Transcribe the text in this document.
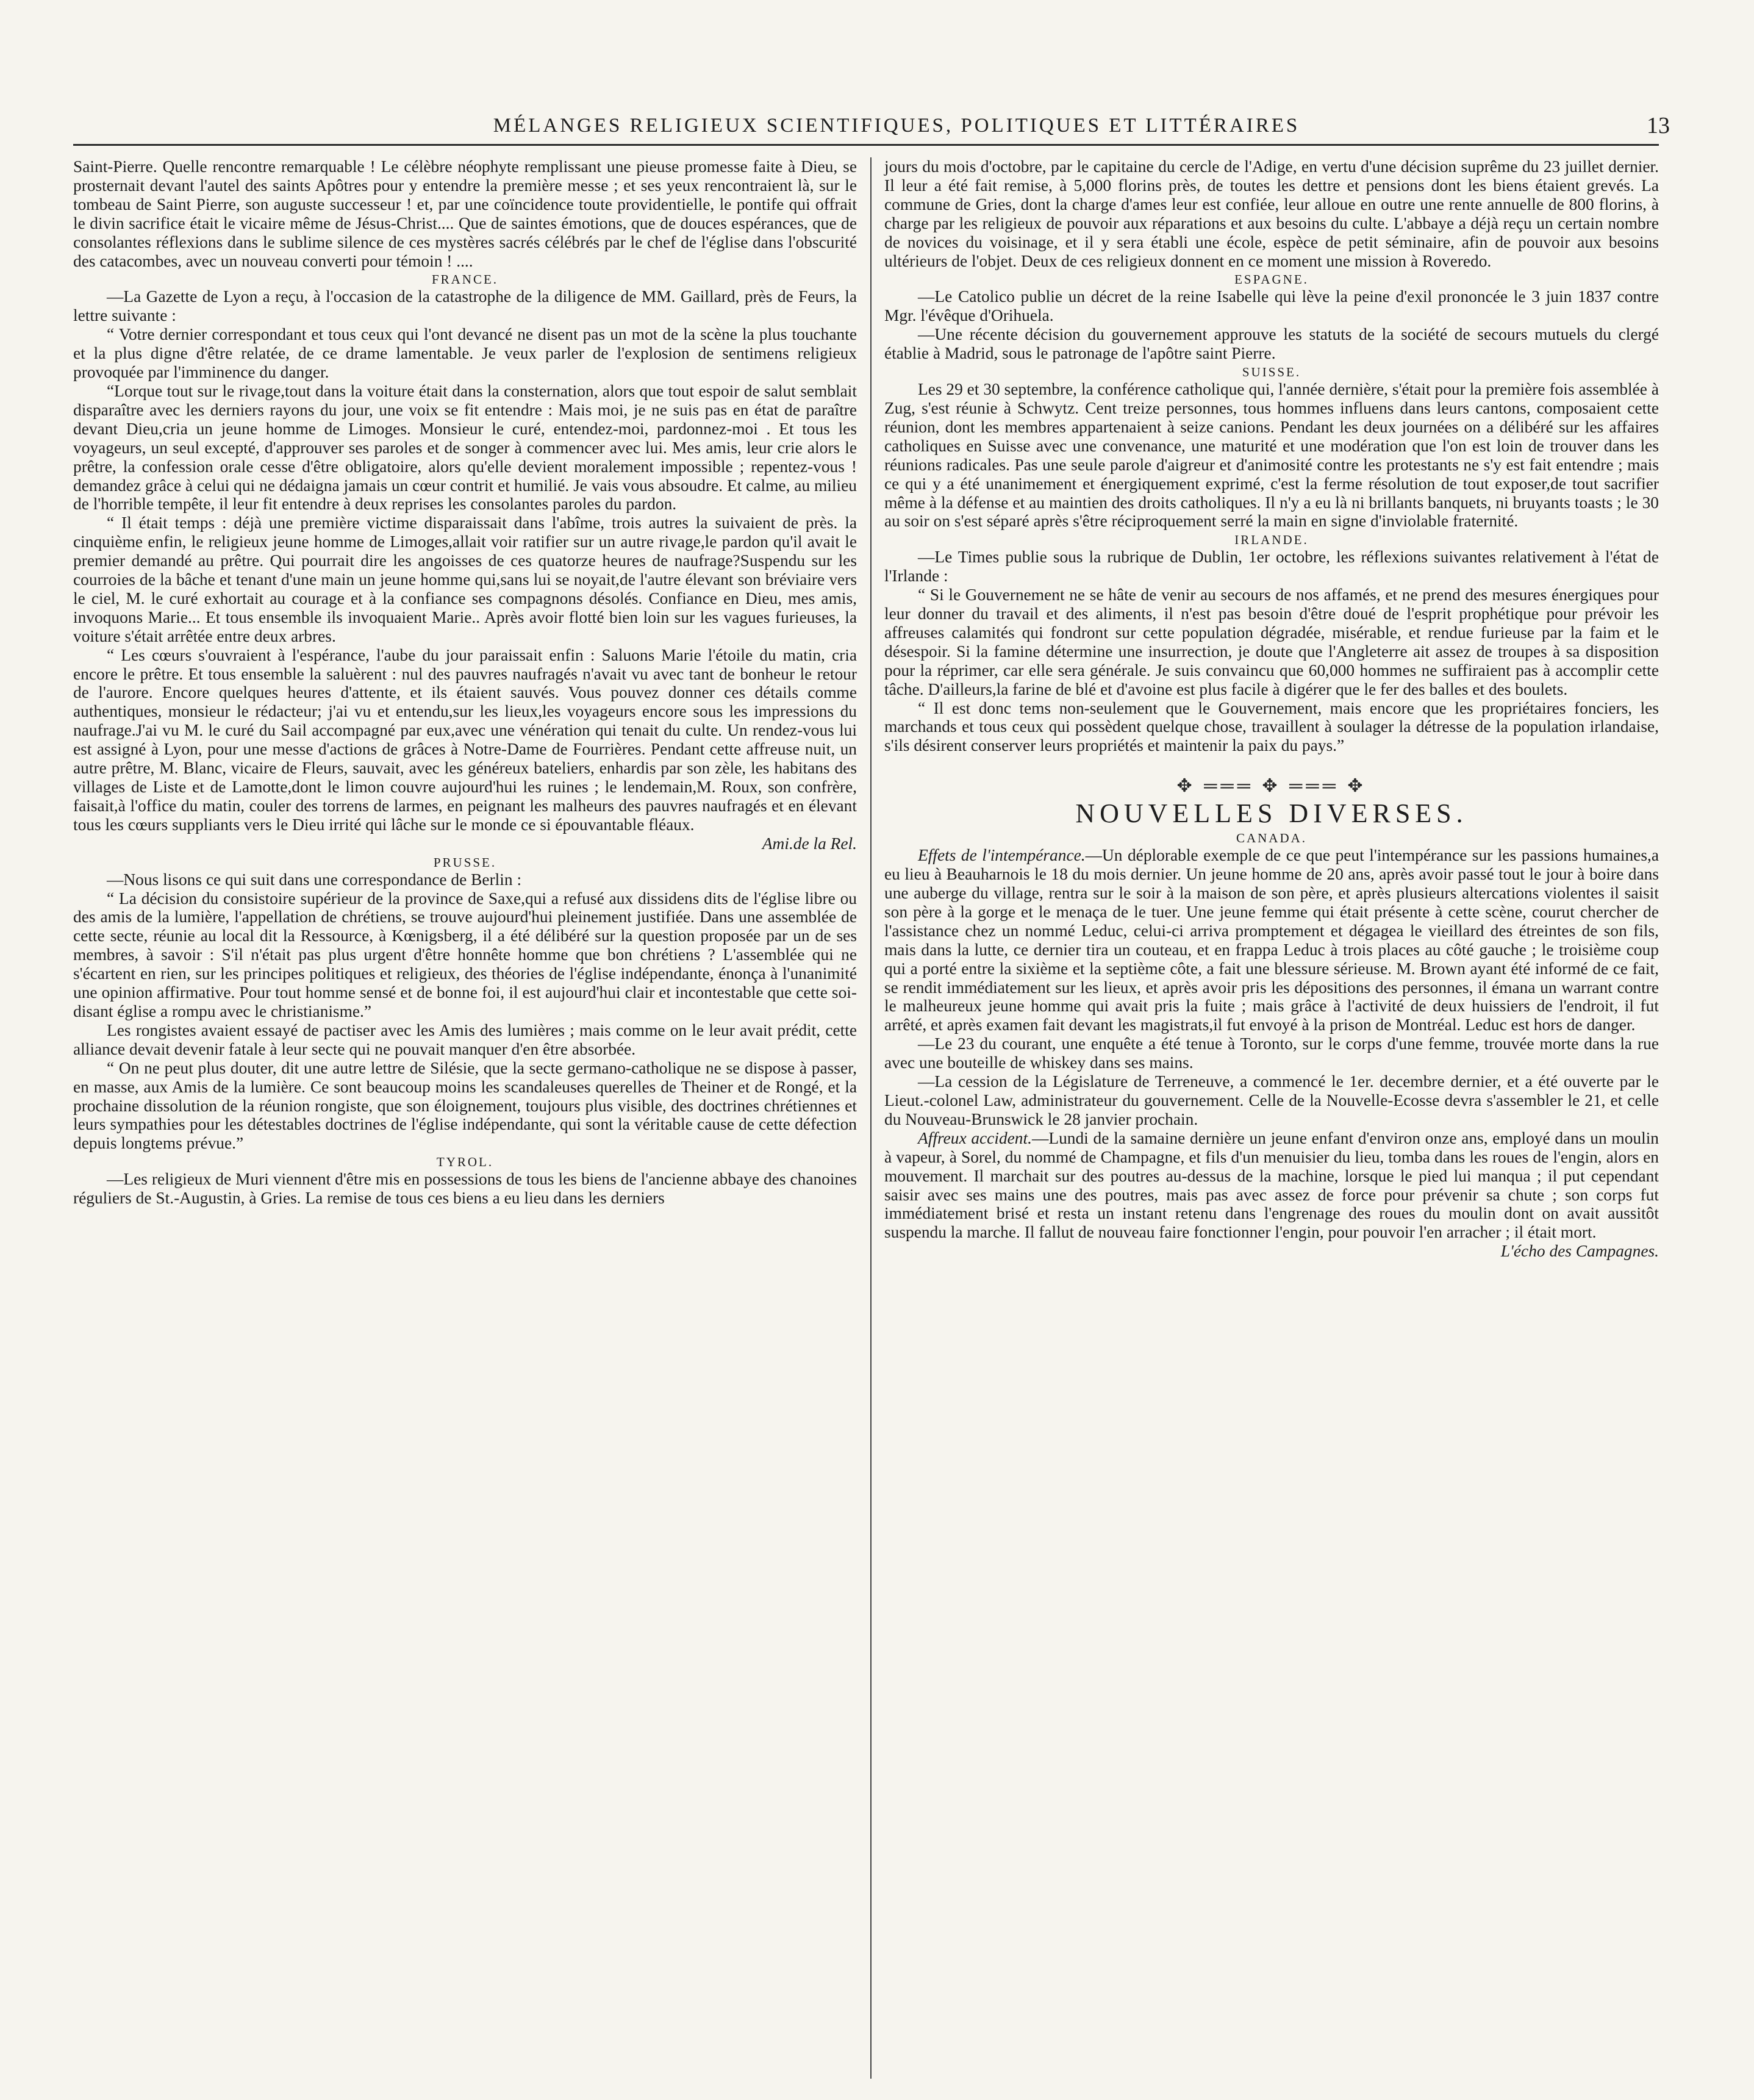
MÉLANGES RELIGIEUX SCIENTIFIQUES, POLITIQUES ET LITTÉRAIRES	13

Saint-Pierre. Quelle rencontre remarquable ! Le célèbre néophyte remplissant une pieuse promesse faite à Dieu, se prosternait devant l'autel des saints Apôtres pour y entendre la première messe ; et ses yeux rencontraient là, sur le tombeau de Saint Pierre, son auguste successeur ! et, par une coïncidence toute providentielle, le pontife qui offrait le divin sacrifice était le vicaire même de Jésus-Christ.... Que de saintes émotions, que de douces espérances, que de consolantes réflexions dans le sublime silence de ces mystères sacrés célébrés par le chef de l'église dans l'obscurité des catacombes, avec un nouveau converti pour témoin ! ....

FRANCE.

—La Gazette de Lyon a reçu, à l'occasion de la catastrophe de la diligence de MM. Gaillard, près de Feurs, la lettre suivante :

“ Votre dernier correspondant et tous ceux qui l'ont devancé ne disent pas un mot de la scène la plus touchante et la plus digne d'être relatée, de ce drame lamentable. Je veux parler de l'explosion de sentimens religieux provoquée par l'imminence du danger.

“Lorque tout sur le rivage,tout dans la voiture était dans la consternation, alors que tout espoir de salut semblait disparaître avec les derniers rayons du jour, une voix se fit entendre : Mais moi, je ne suis pas en état de paraître devant Dieu,cria un jeune homme de Limoges. Monsieur le curé, entendez-moi, pardonnez-moi . Et tous les voyageurs, un seul excepté, d'approuver ses paroles et de songer à commencer avec lui. Mes amis, leur crie alors le prêtre, la confession orale cesse d'être obligatoire, alors qu'elle devient moralement impossible ; repentez-vous ! demandez grâce à celui qui ne dédaigna jamais un cœur contrit et humilié. Je vais vous absoudre. Et calme, au milieu de l'horrible tempête, il leur fit entendre à deux reprises les consolantes paroles du pardon.

“ Il était temps : déjà une première victime disparaissait dans l'abîme, trois autres la suivaient de près. la cinquième enfin, le religieux jeune homme de Limoges,allait voir ratifier sur un autre rivage,le pardon qu'il avait le premier demandé au prêtre. Qui pourrait dire les angoisses de ces quatorze heures de naufrage?Suspendu sur les courroies de la bâche et tenant d'une main un jeune homme qui,sans lui se noyait,de l'autre élevant son bréviaire vers le ciel, M. le curé exhortait au courage et à la confiance ses compagnons désolés. Confiance en Dieu, mes amis, invoquons Marie... Et tous ensemble ils invoquaient Marie.. Après avoir flotté bien loin sur les vagues furieuses, la voiture s'était arrêtée entre deux arbres.

“ Les cœurs s'ouvraient à l'espérance, l'aube du jour paraissait enfin : Saluons Marie l'étoile du matin, cria encore le prêtre. Et tous ensemble la saluèrent : nul des pauvres naufragés n'avait vu avec tant de bonheur le retour de l'aurore. Encore quelques heures d'attente, et ils étaient sauvés. Vous pouvez donner ces détails comme authentiques, monsieur le rédacteur; j'ai vu et entendu,sur les lieux,les voyageurs encore sous les impressions du naufrage.J'ai vu M. le curé du Sail accompagné par eux,avec une vénération qui tenait du culte. Un rendez-vous lui est assigné à Lyon, pour une messe d'actions de grâces à Notre-Dame de Fourrières. Pendant cette affreuse nuit, un autre prêtre, M. Blanc, vicaire de Fleurs, sauvait, avec les généreux bateliers, enhardis par son zèle, les habitans des villages de Liste et de Lamotte,dont le limon couvre aujourd'hui les ruines ; le lendemain,M. Roux, son confrère, faisait,à l'office du matin, couler des torrens de larmes, en peignant les malheurs des pauvres naufragés et en élevant tous les cœurs suppliants vers le Dieu irrité qui lâche sur le monde ce si épouvantable fléaux.

Ami.de la Rel.

PRUSSE.

—Nous lisons ce qui suit dans une correspondance de Berlin :

“ La décision du consistoire supérieur de la province de Saxe,qui a refusé aux dissidens dits de l'église libre ou des amis de la lumière, l'appellation de chrétiens, se trouve aujourd'hui pleinement justifiée. Dans une assemblée de cette secte, réunie au local dit la Ressource, à Kœnigsberg, il a été délibéré sur la question proposée par un de ses membres, à savoir : S'il n'était pas plus urgent d'être honnête homme que bon chrétiens ? L'assemblée qui ne s'écartent en rien, sur les principes politiques et religieux, des théories de l'église indépendante, énonça à l'unanimité une opinion affirmative. Pour tout homme sensé et de bonne foi, il est aujourd'hui clair et incontestable que cette soi-disant église a rompu avec le christianisme.”

Les rongistes avaient essayé de pactiser avec les Amis des lumières ; mais comme on le leur avait prédit, cette alliance devait devenir fatale à leur secte qui ne pouvait manquer d'en être absorbée.

“ On ne peut plus douter, dit une autre lettre de Silésie, que la secte germano-catholique ne se dispose à passer, en masse, aux Amis de la lumière. Ce sont beaucoup moins les scandaleuses querelles de Theiner et de Rongé, et la prochaine dissolution de la réunion rongiste, que son éloignement, toujours plus visible, des doctrines chrétiennes et leurs sympathies pour les détestables doctrines de l'église indépendante, qui sont la véritable cause de cette défection depuis longtems prévue.”

TYROL.

—Les religieux de Muri viennent d'être mis en possessions de tous les biens de l'ancienne abbaye des chanoines réguliers de St.-Augustin, à Gries. La remise de tous ces biens a eu lieu dans les derniers

jours du mois d'octobre, par le capitaine du cercle de l'Adige, en vertu d'une décision suprême du 23 juillet dernier. Il leur a été fait remise, à 5,000 florins près, de toutes les dettre et pensions dont les biens étaient grevés. La commune de Gries, dont la charge d'ames leur est confiée, leur alloue en outre une rente annuelle de 800 florins, à charge par les religieux de pouvoir aux réparations et aux besoins du culte. L'abbaye a déjà reçu un certain nombre de novices du voisinage, et il y sera établi une école, espèce de petit séminaire, afin de pouvoir aux besoins ultérieurs de l'objet. Deux de ces religieux donnent en ce moment une mission à Roveredo.

ESPAGNE.

—Le Catolico publie un décret de la reine Isabelle qui lève la peine d'exil prononcée le 3 juin 1837 contre Mgr. l'évêque d'Orihuela.

—Une récente décision du gouvernement approuve les statuts de la société de secours mutuels du clergé établie à Madrid, sous le patronage de l'apôtre saint Pierre.

SUISSE.

Les 29 et 30 septembre, la conférence catholique qui, l'année dernière, s'était pour la première fois assemblée à Zug, s'est réunie à Schwytz. Cent treize personnes, tous hommes influens dans leurs cantons, composaient cette réunion, dont les membres appartenaient à seize canions. Pendant les deux journées on a délibéré sur les affaires catholiques en Suisse avec une convenance, une maturité et une modération que l'on est loin de trouver dans les réunions radicales. Pas une seule parole d'aigreur et d'animosité contre les protestants ne s'y est fait entendre ; mais ce qui y a été unanimement et énergiquement exprimé, c'est la ferme résolution de tout exposer,de tout sacrifier même à la défense et au maintien des droits catholiques. Il n'y a eu là ni brillants banquets, ni bruyants toasts ; le 30 au soir on s'est séparé après s'être réciproquement serré la main en signe d'inviolable fraternité.

IRLANDE.

—Le Times publie sous la rubrique de Dublin, 1er octobre, les réflexions suivantes relativement à l'état de l'Irlande :

“ Si le Gouvernement ne se hâte de venir au secours de nos affamés, et ne prend des mesures énergiques pour leur donner du travail et des aliments, il n'est pas besoin d'être doué de l'esprit prophétique pour prévoir les affreuses calamités qui fondront sur cette population dégradée, misérable, et rendue furieuse par la faim et le désespoir. Si la famine détermine une insurrection, je doute que l'Angleterre ait assez de troupes à sa disposition pour la réprimer, car elle sera générale. Je suis convaincu que 60,000 hommes ne suffiraient pas à accomplir cette tâche. D'ailleurs,la farine de blé et d'avoine est plus facile à digérer que le fer des balles et des boulets.

“ Il est donc tems non-seulement que le Gouvernement, mais encore que les propriétaires fonciers, les marchands et tous ceux qui possèdent quelque chose, travaillent à soulager la détresse de la population irlandaise, s'ils désirent conserver leurs propriétés et maintenir la paix du pays.”

✥ ═══ ✥ ═══ ✥
NOUVELLES DIVERSES.
CANADA.

Effets de l'intempérance.—Un déplorable exemple de ce que peut l'intempérance sur les passions humaines,a eu lieu à Beauharnois le 18 du mois dernier. Un jeune homme de 20 ans, après avoir passé tout le jour à boire dans une auberge du village, rentra sur le soir à la maison de son père, et après plusieurs altercations violentes il saisit son père à la gorge et le menaça de le tuer. Une jeune femme qui était présente à cette scène, courut chercher de l'assistance chez un nommé Leduc, celui-ci arriva promptement et dégagea le vieillard des étreintes de son fils, mais dans la lutte, ce dernier tira un couteau, et en frappa Leduc à trois places au côté gauche ; le troisième coup qui a porté entre la sixième et la septième côte, a fait une blessure sérieuse. M. Brown ayant été informé de ce fait, se rendit immédiatement sur les lieux, et après avoir pris les dépositions des personnes, il émana un warrant contre le malheureux jeune homme qui avait pris la fuite ; mais grâce à l'activité de deux huissiers de l'endroit, il fut arrêté, et après examen fait devant les magistrats,il fut envoyé à la prison de Montréal. Leduc est hors de danger.

—Le 23 du courant, une enquête a été tenue à Toronto, sur le corps d'une femme, trouvée morte dans la rue avec une bouteille de whiskey dans ses mains.

—La cession de la Législature de Terreneuve, a commencé le 1er. decembre dernier, et a été ouverte par le Lieut.-colonel Law, administrateur du gouvernement. Celle de la Nouvelle-Ecosse devra s'assembler le 21, et celle du Nouveau-Brunswick le 28 janvier prochain.

Affreux accident.—Lundi de la samaine dernière un jeune enfant d'environ onze ans, employé dans un moulin à vapeur, à Sorel, du nommé de Champagne, et fils d'un menuisier du lieu, tomba dans les roues de l'engin, alors en mouvement. Il marchait sur des poutres au-dessus de la machine, lorsque le pied lui manqua ; il put cependant saisir avec ses mains une des poutres, mais pas avec assez de force pour prévenir sa chute ; son corps fut immédiatement brisé et resta un instant retenu dans l'engrenage des roues du moulin dont on avait aussitôt suspendu la marche. Il fallut de nouveau faire fonctionner l'engin, pour pouvoir l'en arracher ; il était mort.

L'écho des Campagnes.
